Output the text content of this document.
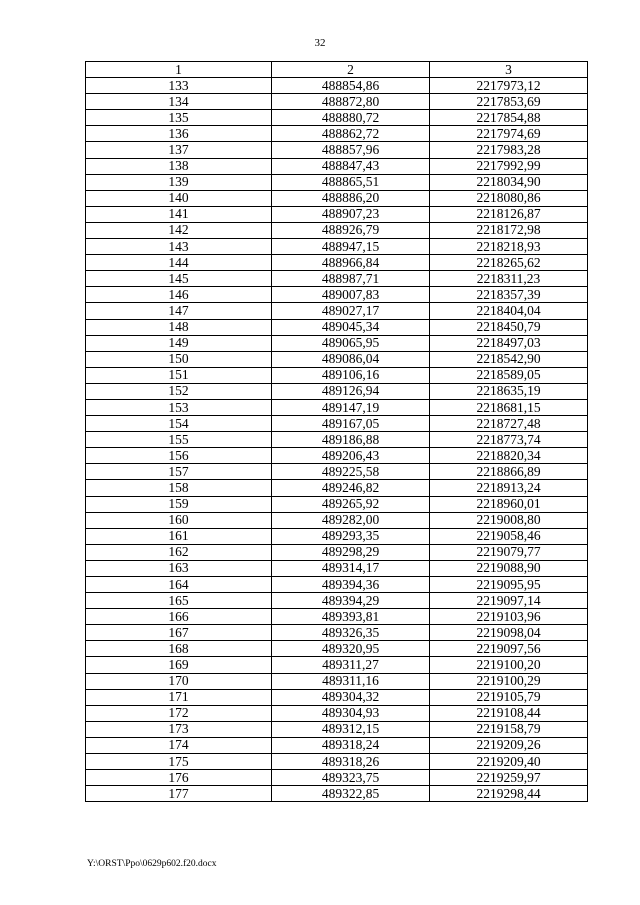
32
1	2	3
133	488854,86	2217973,12
134	488872,80	2217853,69
135	488880,72	2217854,88
136	488862,72	2217974,69
137	488857,96	2217983,28
138	488847,43	2217992,99
139	488865,51	2218034,90
140	488886,20	2218080,86
141	488907,23	2218126,87
142	488926,79	2218172,98
143	488947,15	2218218,93
144	488966,84	2218265,62
145	488987,71	2218311,23
146	489007,83	2218357,39
147	489027,17	2218404,04
148	489045,34	2218450,79
149	489065,95	2218497,03
150	489086,04	2218542,90
151	489106,16	2218589,05
152	489126,94	2218635,19
153	489147,19	2218681,15
154	489167,05	2218727,48
155	489186,88	2218773,74
156	489206,43	2218820,34
157	489225,58	2218866,89
158	489246,82	2218913,24
159	489265,92	2218960,01
160	489282,00	2219008,80
161	489293,35	2219058,46
162	489298,29	2219079,77
163	489314,17	2219088,90
164	489394,36	2219095,95
165	489394,29	2219097,14
166	489393,81	2219103,96
167	489326,35	2219098,04
168	489320,95	2219097,56
169	489311,27	2219100,20
170	489311,16	2219100,29
171	489304,32	2219105,79
172	489304,93	2219108,44
173	489312,15	2219158,79
174	489318,24	2219209,26
175	489318,26	2219209,40
176	489323,75	2219259,97
177	489322,85	2219298,44
Y:\ORST\Ppo\0629p602.f20.docx
